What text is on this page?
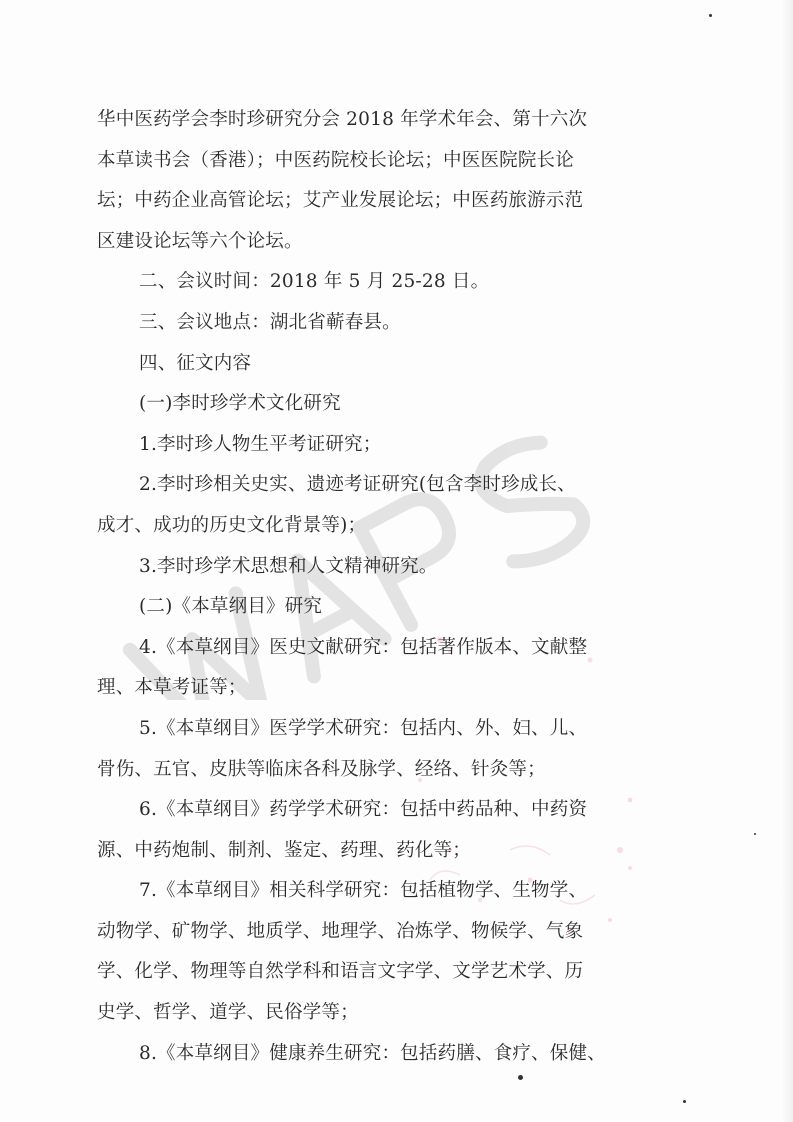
华中医药学会李时珍研究分会 2018 年学术年会、第十六次
本草读书会（香港）；中医药院校长论坛；中医医院院长论
坛；中药企业高管论坛；艾产业发展论坛；中医药旅游示范
区建设论坛等六个论坛。
二、会议时间：2018 年 5 月 25-28 日。
三、会议地点：湖北省蕲春县。
四、征文内容
(一)李时珍学术文化研究
1.李时珍人物生平考证研究；
2.李时珍相关史实、遗迹考证研究(包含李时珍成长、
成才、成功的历史文化背景等)；
3.李时珍学术思想和人文精神研究。
(二)《本草纲目》研究
4.《本草纲目》医史文献研究：包括著作版本、文献整
理、本草考证等；
5.《本草纲目》医学学术研究：包括内、外、妇、儿、
骨伤、五官、皮肤等临床各科及脉学、经络、针灸等；
6.《本草纲目》药学学术研究：包括中药品种、中药资
源、中药炮制、制剂、鉴定、药理、药化等；
7.《本草纲目》相关科学研究：包括植物学、生物学、
动物学、矿物学、地质学、地理学、冶炼学、物候学、气象
学、化学、物理等自然学科和语言文字学、文学艺术学、历
史学、哲学、道学、民俗学等；
8.《本草纲目》健康养生研究：包括药膳、食疗、保健、
